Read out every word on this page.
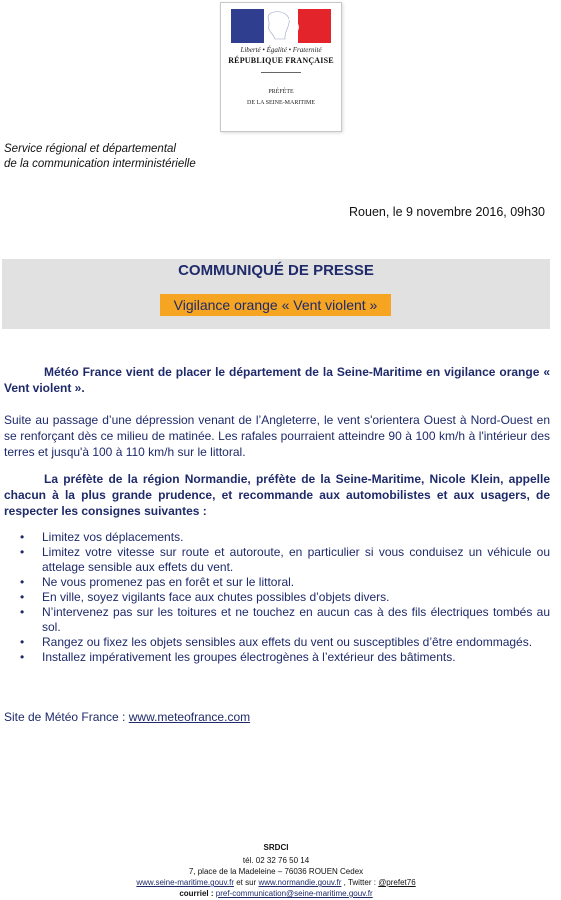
Liberté • Égalité • Fraternité
RÉPUBLIQUE FRANÇAISE
PRÉFÈTE
DE LA SEINE-MARITIME
Service régional et départemental
de la communication interministérielle
Rouen, le 9 novembre 2016, 09h30
COMMUNIQUÉ DE PRESSE
Vigilance orange « Vent violent »
Météo France vient de placer le département de la Seine-Maritime en vigilance orange « Vent violent ».
Suite au passage d’une dépression venant de l’Angleterre, le vent s'orientera Ouest à Nord-Ouest en se renforçant dès ce milieu de matinée. Les rafales pourraient atteindre 90 à 100 km/h à l'intérieur des terres et jusqu'à 100 à 110 km/h sur le littoral.
La préfète de la région Normandie, préfète de la Seine-Maritime, Nicole Klein, appelle chacun à la plus grande prudence, et recommande aux automobilistes et aux usagers, de respecter les consignes suivantes :
• Limitez vos déplacements.
• Limitez votre vitesse sur route et autoroute, en particulier si vous conduisez un véhicule ou attelage sensible aux effets du vent.
• Ne vous promenez pas en forêt et sur le littoral.
• En ville, soyez vigilants face aux chutes possibles d’objets divers.
• N’intervenez pas sur les toitures et ne touchez en aucun cas à des fils électriques tombés au sol.
• Rangez ou fixez les objets sensibles aux effets du vent ou susceptibles d’être endommagés.
• Installez impérativement les groupes électrogènes à l’extérieur des bâtiments.
Site de Météo France : www.meteofrance.com
SRDCI
tél. 02 32 76 50 14
7, place de la Madeleine – 76036 ROUEN Cedex
www.seine-maritime.gouv.fr et sur www.normandie.gouv.fr , Twitter : @prefet76
courriel : pref-communication@seine-maritime.gouv.fr
